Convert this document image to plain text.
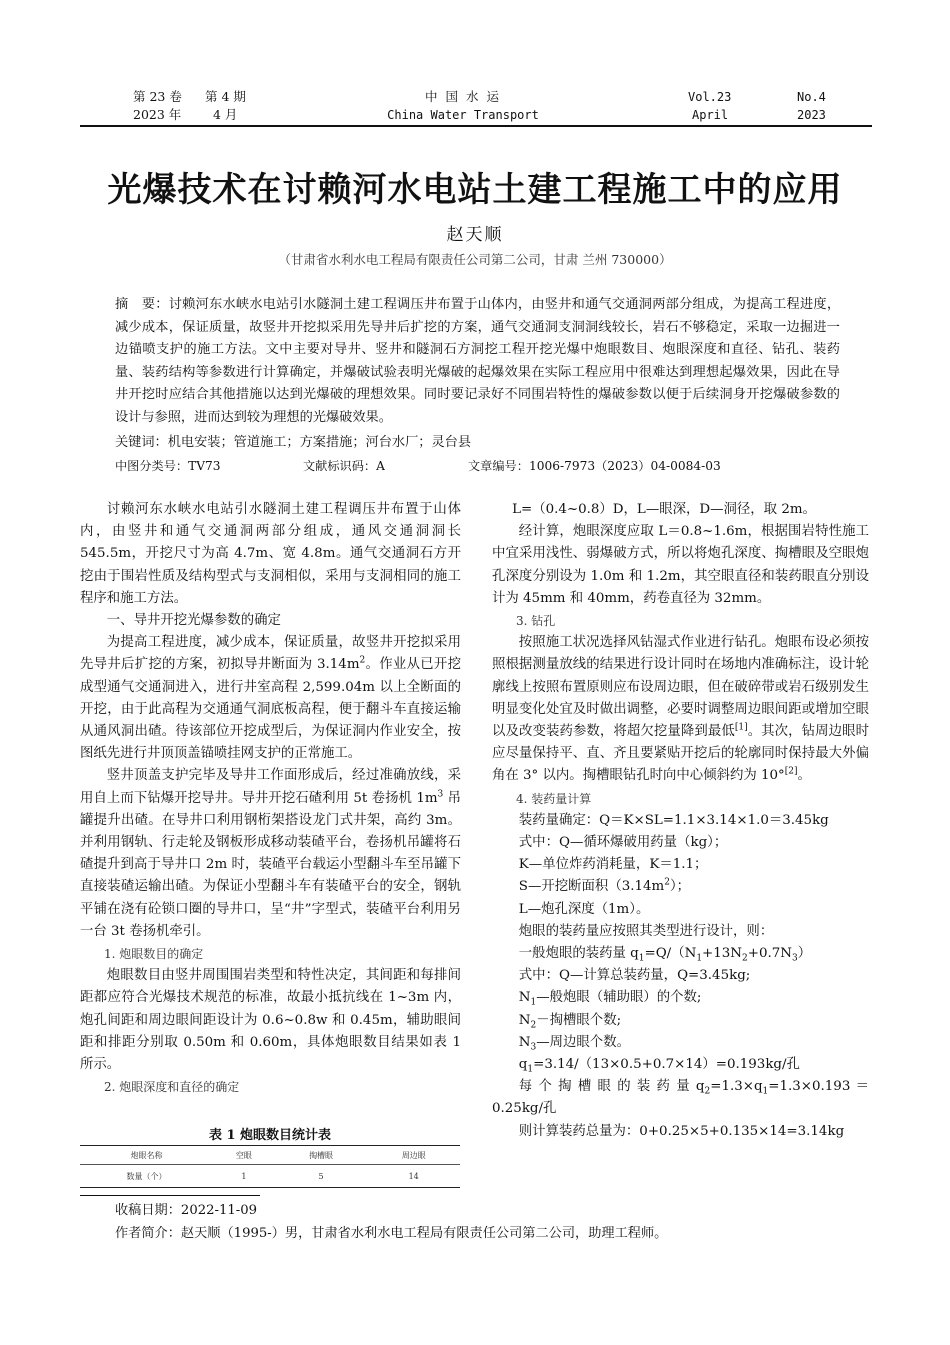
第 23 卷 第 4 期
2023 年	4 月
中 国 水 运
China Water Transport
Vol.23	No.4
April	2023
光爆技术在讨赖河水电站土建工程施工中的应用
赵天顺
（甘肃省水利水电工程局有限责任公司第二公司，甘肃 兰州 730000）
摘　要：讨赖河东水峡水电站引水隧洞土建工程调压井布置于山体内，由竖井和通气交通洞两部分组成，为提高工程进度，减少成本，保证质量，故竖井开挖拟采用先导井后扩挖的方案，通气交通洞支洞洞线较长，岩石不够稳定，采取一边掘进一边锚喷支护的施工方法。文中主要对导井、竖井和隧洞石方洞挖工程开挖光爆中炮眼数目、炮眼深度和直径、钻孔、装药量、装药结构等参数进行计算确定，并爆破试验表明光爆破的起爆效果在实际工程应用中很难达到理想起爆效果，因此在导井开挖时应结合其他措施以达到光爆破的理想效果。同时要记录好不同围岩特性的爆破参数以便于后续洞身开挖爆破参数的设计与参照，进而达到较为理想的光爆破效果。
关键词：机电安装；管道施工；方案措施；河台水厂；灵台县
中图分类号：TV73	文献标识码：A	文章编号：1006-7973（2023）04-0084-03

讨赖河东水峡水电站引水隧洞土建工程调压井布置于山体内，由竖井和通气交通洞两部分组成，通风交通洞洞长545.5m，开挖尺寸为高 4.7m、宽 4.8m。通气交通洞石方开挖由于围岩性质及结构型式与支洞相似，采用与支洞相同的施工程序和施工方法。

一、导井开挖光爆参数的确定

为提高工程进度，减少成本，保证质量，故竖井开挖拟采用先导井后扩挖的方案，初拟导井断面为 $3.14m^2$。作业从已开挖成型通气交通洞进入，进行井室高程 2,599.04m 以上全断面的开挖，由于此高程为交通通气洞底板高程，便于翻斗车直接运输从通风洞出碴。待该部位开挖成型后，为保证洞内作业安全，按图纸先进行井顶顶盖锚喷挂网支护的正常施工。

竖井顶盖支护完毕及导井工作面形成后，经过准确放线，采用自上而下钻爆开挖导井。导井开挖石碴利用 5t 卷扬机 $1m^3$ 吊罐提升出碴。在导井口利用钢桁架搭设龙门式井架，高约 3m。并利用钢轨、行走轮及钢板形成移动装碴平台，卷扬机吊罐将石碴提升到高于导井口 2m 时，装碴平台载运小型翻斗车至吊罐下直接装碴运输出碴。为保证小型翻斗车有装碴平台的安全，钢轨平铺在浇有砼锁口圈的导井口，呈“井”字型式，装碴平台利用另一台 3t 卷扬机牵引。

1. 炮眼数目的确定

炮眼数目由竖井周围围岩类型和特性决定，其间距和每排间距都应符合光爆技术规范的标准，故最小抵抗线在 1~3m 内，炮孔间距和周边眼间距设计为 0.6~0.8w 和 0.45m，辅助眼间距和排距分别取 0.50m 和 0.60m，具体炮眼数目结果如表 1 所示。

2. 炮眼深度和直径的确定

表 1 炮眼数目统计表
炮眼名称	空眼	掏槽眼	周边眼
数量（个）	1	5	14

L=（0.4~0.8）D，L—眼深，D—洞径，取 2m。

经计算，炮眼深度应取 L＝0.8~1.6m，根据围岩特性施工中宜采用浅性、弱爆破方式，所以将炮孔深度、掏槽眼及空眼炮孔深度分别设为 1.0m 和 1.2m，其空眼直径和装药眼直分别设计为 45mm 和 40mm，药卷直径为 32mm。

3. 钻孔

按照施工状况选择风钻湿式作业进行钻孔。炮眼布设必须按照根据测量放线的结果进行设计同时在场地内准确标注，设计轮廓线上按照布置原则应布设周边眼，但在破碎带或岩石级别发生明显变化处宜及时做出调整，必要时调整周边眼间距或增加空眼以及改变装药参数，将超欠挖量降到最低[1]。其次，钻周边眼时应尽量保持平、直、齐且要紧贴开挖后的轮廓同时保持最大外偏角在 3° 以内。掏槽眼钻孔时向中心倾斜约为 10°[2]。

4. 装药量计算

装药量确定：Q＝K×SL=1.1×3.14×1.0＝3.45kg

式中：Q—循环爆破用药量（kg）；

K—单位炸药消耗量，K＝1.1；

S—开挖断面积$(3.14m^2)$；

L—炮孔深度（1m）。

炮眼的装药量应按照其类型进行设计，则：

一般炮眼的装药量 $q_1=Q/(N_1+13N_2+0.7N_3)$

式中：Q—计算总装药量，Q=3.45kg;

$N_1—$般炮眼（辅助眼）的个数;

$N_2-$掏槽眼个数;

$N_3—$周边眼个数。

$q_1=3.14/(13\times 0.5+0.7\times 14)=0.193kg/$孔

每 个 掏 槽 眼 的 装 药 量 $q_2=1.3\times q_1=1.3\times 0.193 = 0.25kg/$孔

则计算装药总量为：0+0.25×5+0.135×14=3.14kg

收稿日期：2022-11-09
作者简介：赵天顺（1995-）男，甘肃省水利水电工程局有限责任公司第二公司，助理工程师。
